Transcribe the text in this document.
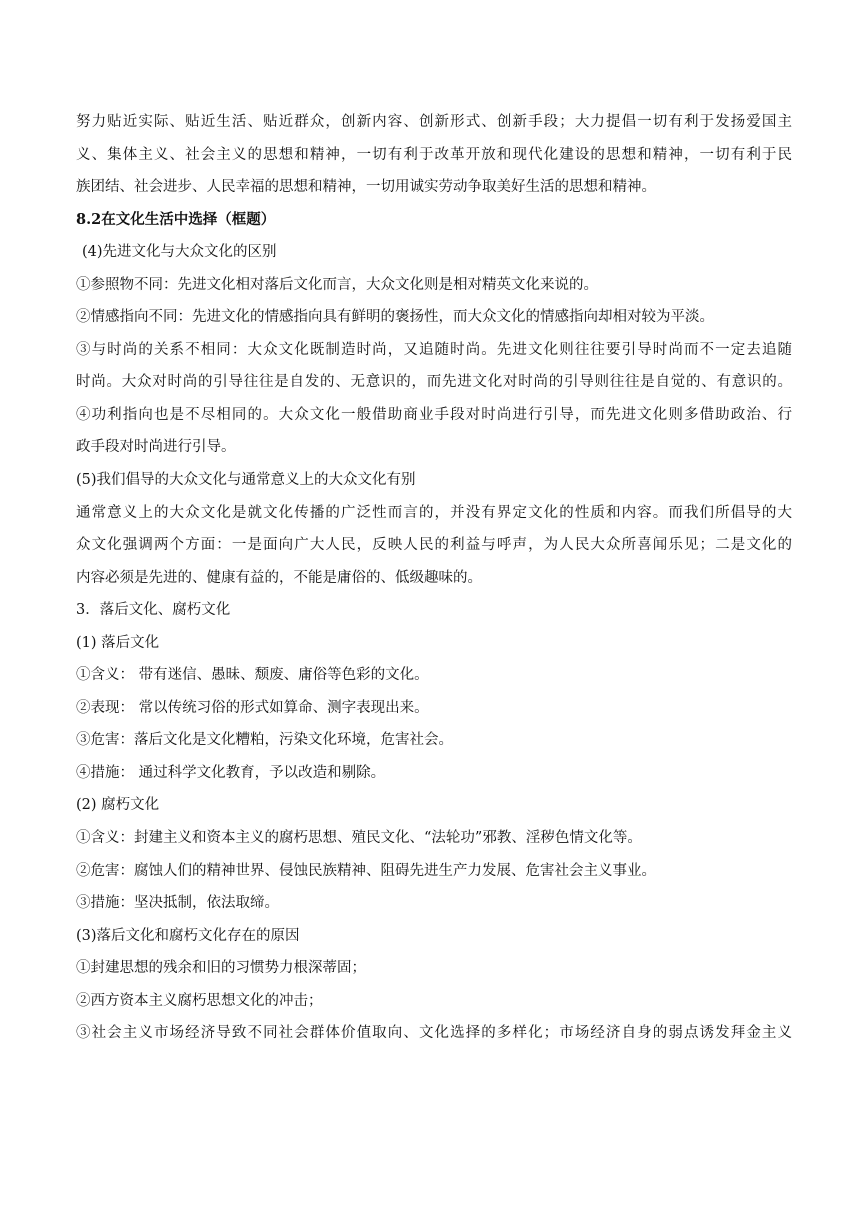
努力贴近实际、贴近生活、贴近群众，创新内容、创新形式、创新手段；大力提倡一切有利于发扬爱国主
义、集体主义、社会主义的思想和精神，一切有利于改革开放和现代化建设的思想和精神，一切有利于民
族团结、社会进步、人民幸福的思想和精神，一切用诚实劳动争取美好生活的思想和精神。
8.2在文化生活中选择（框题）
(4)先进文化与大众文化的区别
①参照物不同：先进文化相对落后文化而言，大众文化则是相对精英文化来说的。
②情感指向不同：先进文化的情感指向具有鲜明的褒扬性，而大众文化的情感指向却相对较为平淡。
③与时尚的关系不相同：大众文化既制造时尚，又追随时尚。先进文化则往往要引导时尚而不一定去追随
时尚。大众对时尚的引导往往是自发的、无意识的，而先进文化对时尚的引导则往往是自觉的、有意识的。
④功利指向也是不尽相同的。大众文化一般借助商业手段对时尚进行引导，而先进文化则多借助政治、行
政手段对时尚进行引导。
(5)我们倡导的大众文化与通常意义上的大众文化有别
通常意义上的大众文化是就文化传播的广泛性而言的，并没有界定文化的性质和内容。而我们所倡导的大
众文化强调两个方面：一是面向广大人民，反映人民的利益与呼声，为人民大众所喜闻乐见；二是文化的
内容必须是先进的、健康有益的，不能是庸俗的、低级趣味的。
3．落后文化、腐朽文化
(1) 落后文化
①含义： 带有迷信、愚昧、颓废、庸俗等色彩的文化。
②表现： 常以传统习俗的形式如算命、测字表现出来。
③危害：落后文化是文化糟粕，污染文化环境，危害社会。
④措施： 通过科学文化教育，予以改造和剔除。
(2) 腐朽文化
①含义：封建主义和资本主义的腐朽思想、殖民文化、“法轮功”邪教、淫秽色情文化等。
②危害：腐蚀人们的精神世界、侵蚀民族精神、阻碍先进生产力发展、危害社会主义事业。
③措施：坚决抵制，依法取缔。
(3)落后文化和腐朽文化存在的原因
①封建思想的残余和旧的习惯势力根深蒂固；
②西方资本主义腐朽思想文化的冲击；
③社会主义市场经济导致不同社会群体价值取向、文化选择的多样化；市场经济自身的弱点诱发拜金主义
